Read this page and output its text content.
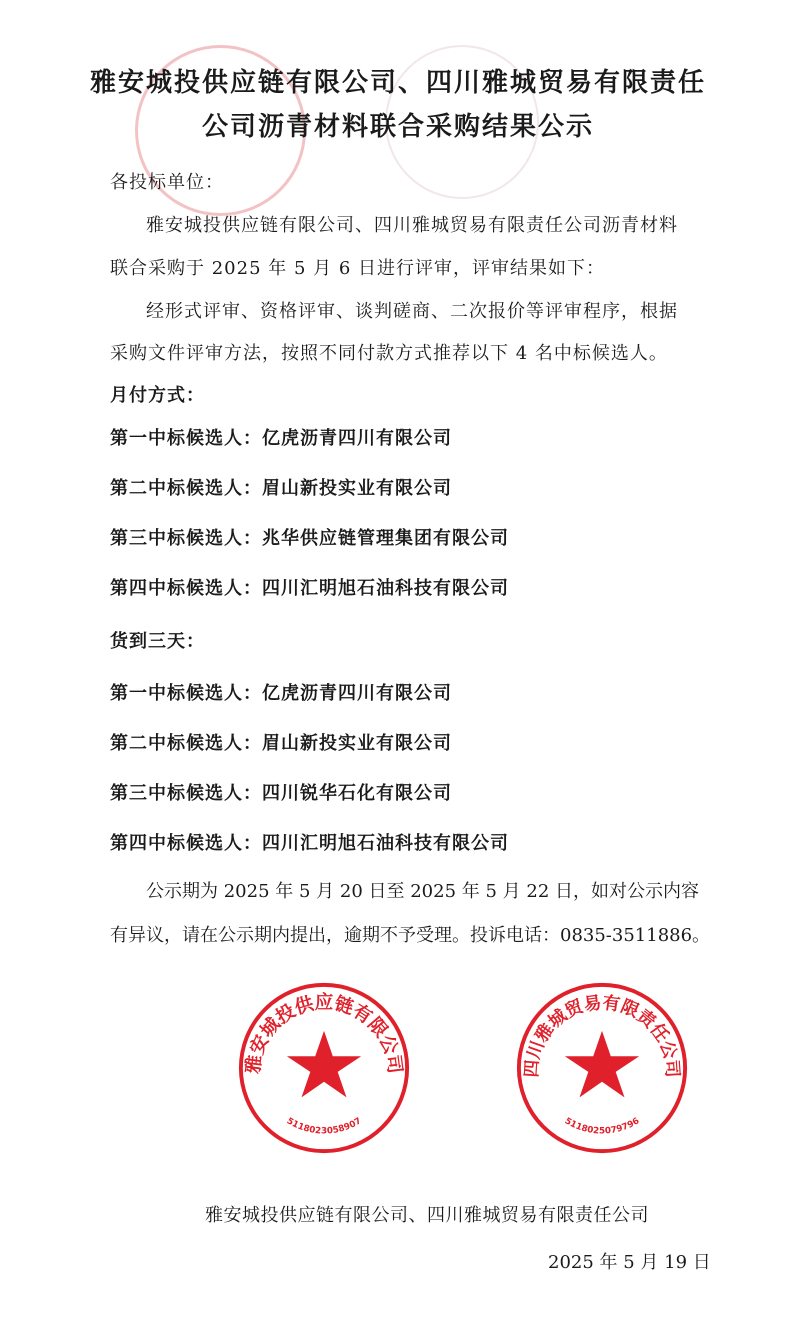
雅安城投供应链有限公司、四川雅城贸易有限责任
公司沥青材料联合采购结果公示
各投标单位：
雅安城投供应链有限公司、四川雅城贸易有限责任公司沥青材料
联合采购于 2025 年 5 月 6 日进行评审，评审结果如下：
经形式评审、资格评审、谈判磋商、二次报价等评审程序，根据
采购文件评审方法，按照不同付款方式推荐以下 4 名中标候选人。
月付方式：
第一中标候选人：亿虎沥青四川有限公司
第二中标候选人：眉山新投实业有限公司
第三中标候选人：兆华供应链管理集团有限公司
第四中标候选人：四川汇明旭石油科技有限公司
货到三天：
第一中标候选人：亿虎沥青四川有限公司
第二中标候选人：眉山新投实业有限公司
第三中标候选人：四川锐华石化有限公司
第四中标候选人：四川汇明旭石油科技有限公司
公示期为 2025 年 5 月 20 日至 2025 年 5 月 22 日，如对公示内容
有异议，请在公示期内提出，逾期不予受理。投诉电话：0835-3511886。
雅安城投供应链有限公司
5118023058907
四川雅城贸易有限责任公司
5118025079796
雅安城投供应链有限公司、四川雅城贸易有限责任公司
2025 年 5 月 19 日
